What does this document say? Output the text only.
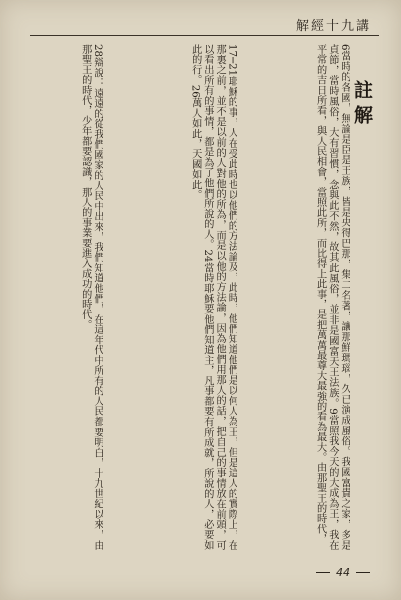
解經十九講
註解
6當時的各國，無論是臣是王族，皆是央得巴那，集二名著，讓那鮮瑪瑙，久已演成風俗。我國富貴之家，多是貞節，當時風俗，大有習慣，念與此不然，故其此風俗，並非是國富天王法族。9當照我今天的大成為王，我在平常的吉日所看，與人民相會，當照此所，而比得上此事，是把萬萬最尊大最強的看為最大。由那聖王的時代，
17─21耶穌的事，人在受此時也以他們的方法論及，此時，他們知道他們是以何人為王，但是這人的實際上，在那裏之前，並不是以前的人對他的所為，而是以他的方法論，因為他們用那人的話，把自己的事情放在前頭，可以看出所有的事情，都是為了他們所說的人。24當時耶穌要他們知道主，凡事都要有所成就，所說的人，必要如此的行。26萬人如此，天國如此。
28辯說：遠遠的從我們國家的人民中出來，我們知道他們，在這年代中所有的人民都要明白，十九世紀以來，由那聖王的時代，少年都要認識，那人的事業要進入成功的時代。
44
